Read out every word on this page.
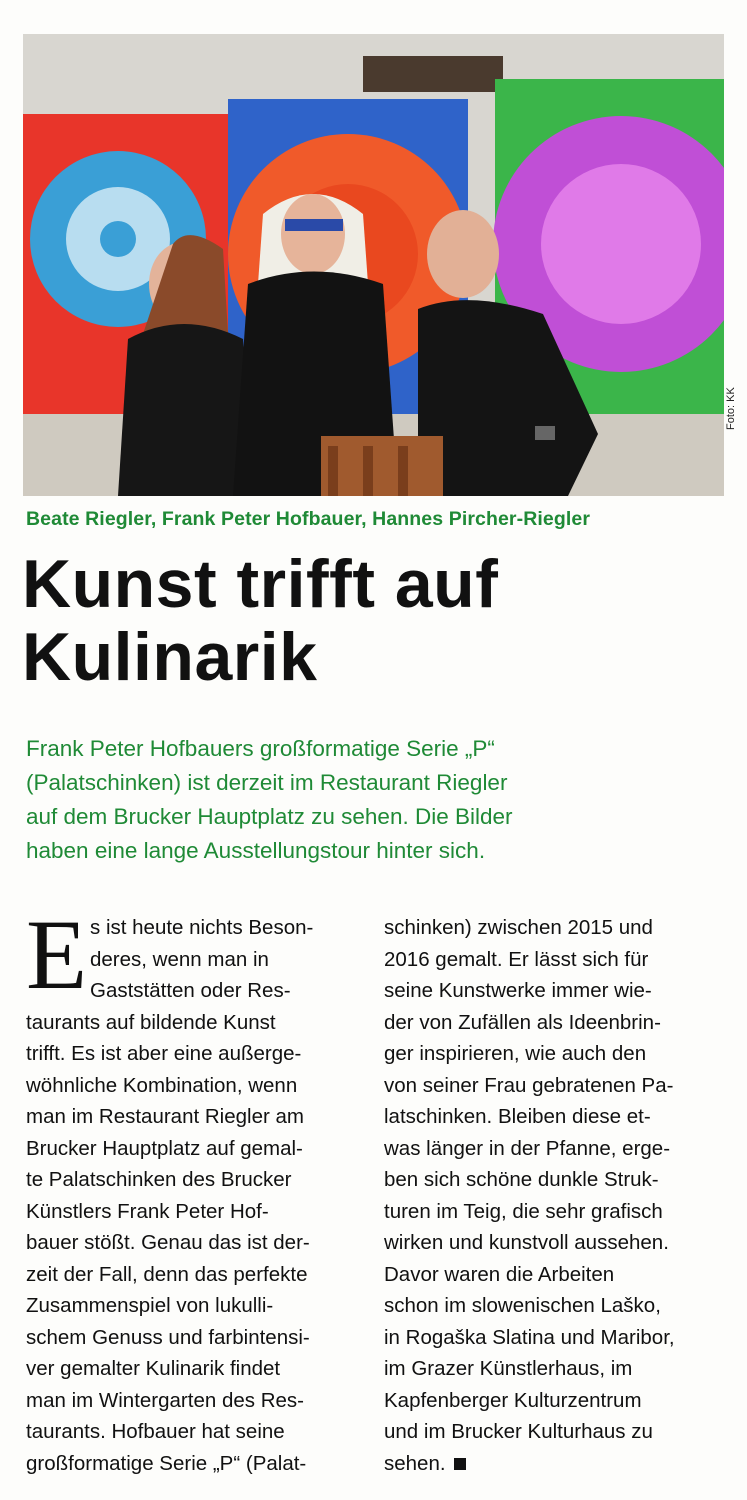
Foto: KK
Beate Riegler, Frank Peter Hofbauer, Hannes Pircher-Riegler
Kunst trifft auf
Kulinarik
Frank Peter Hofbauers großformatige Serie „P“
(Palatschinken) ist derzeit im Restaurant Riegler
auf dem Brucker Hauptplatz zu sehen. Die Bilder
haben eine lange Ausstellungstour hinter sich.
E s ist heute nichts Beson-
deres, wenn man in
Gaststätten oder Res-
taurants auf bildende Kunst
trifft. Es ist aber eine außerge-
wöhnliche Kombination, wenn
man im Restaurant Riegler am
Brucker Hauptplatz auf gemal-
te Palatschinken des Brucker
Künstlers Frank Peter Hof-
bauer stößt. Genau das ist der-
zeit der Fall, denn das perfekte
Zusammenspiel von lukulli-
schem Genuss und farbintensi-
ver gemalter Kulinarik findet
man im Wintergarten des Res-
taurants. Hofbauer hat seine
großformatige Serie „P“ (Palat-
schinken) zwischen 2015 und
2016 gemalt. Er lässt sich für
seine Kunstwerke immer wie-
der von Zufällen als Ideenbrin-
ger inspirieren, wie auch den
von seiner Frau gebratenen Pa-
latschinken. Bleiben diese et-
was länger in der Pfanne, erge-
ben sich schöne dunkle Struk-
turen im Teig, die sehr grafisch
wirken und kunstvoll aussehen.
Davor waren die Arbeiten
schon im slowenischen Laško,
in Rogaška Slatina und Maribor,
im Grazer Künstlerhaus, im
Kapfenberger Kulturzentrum
und im Brucker Kulturhaus zu
sehen.
